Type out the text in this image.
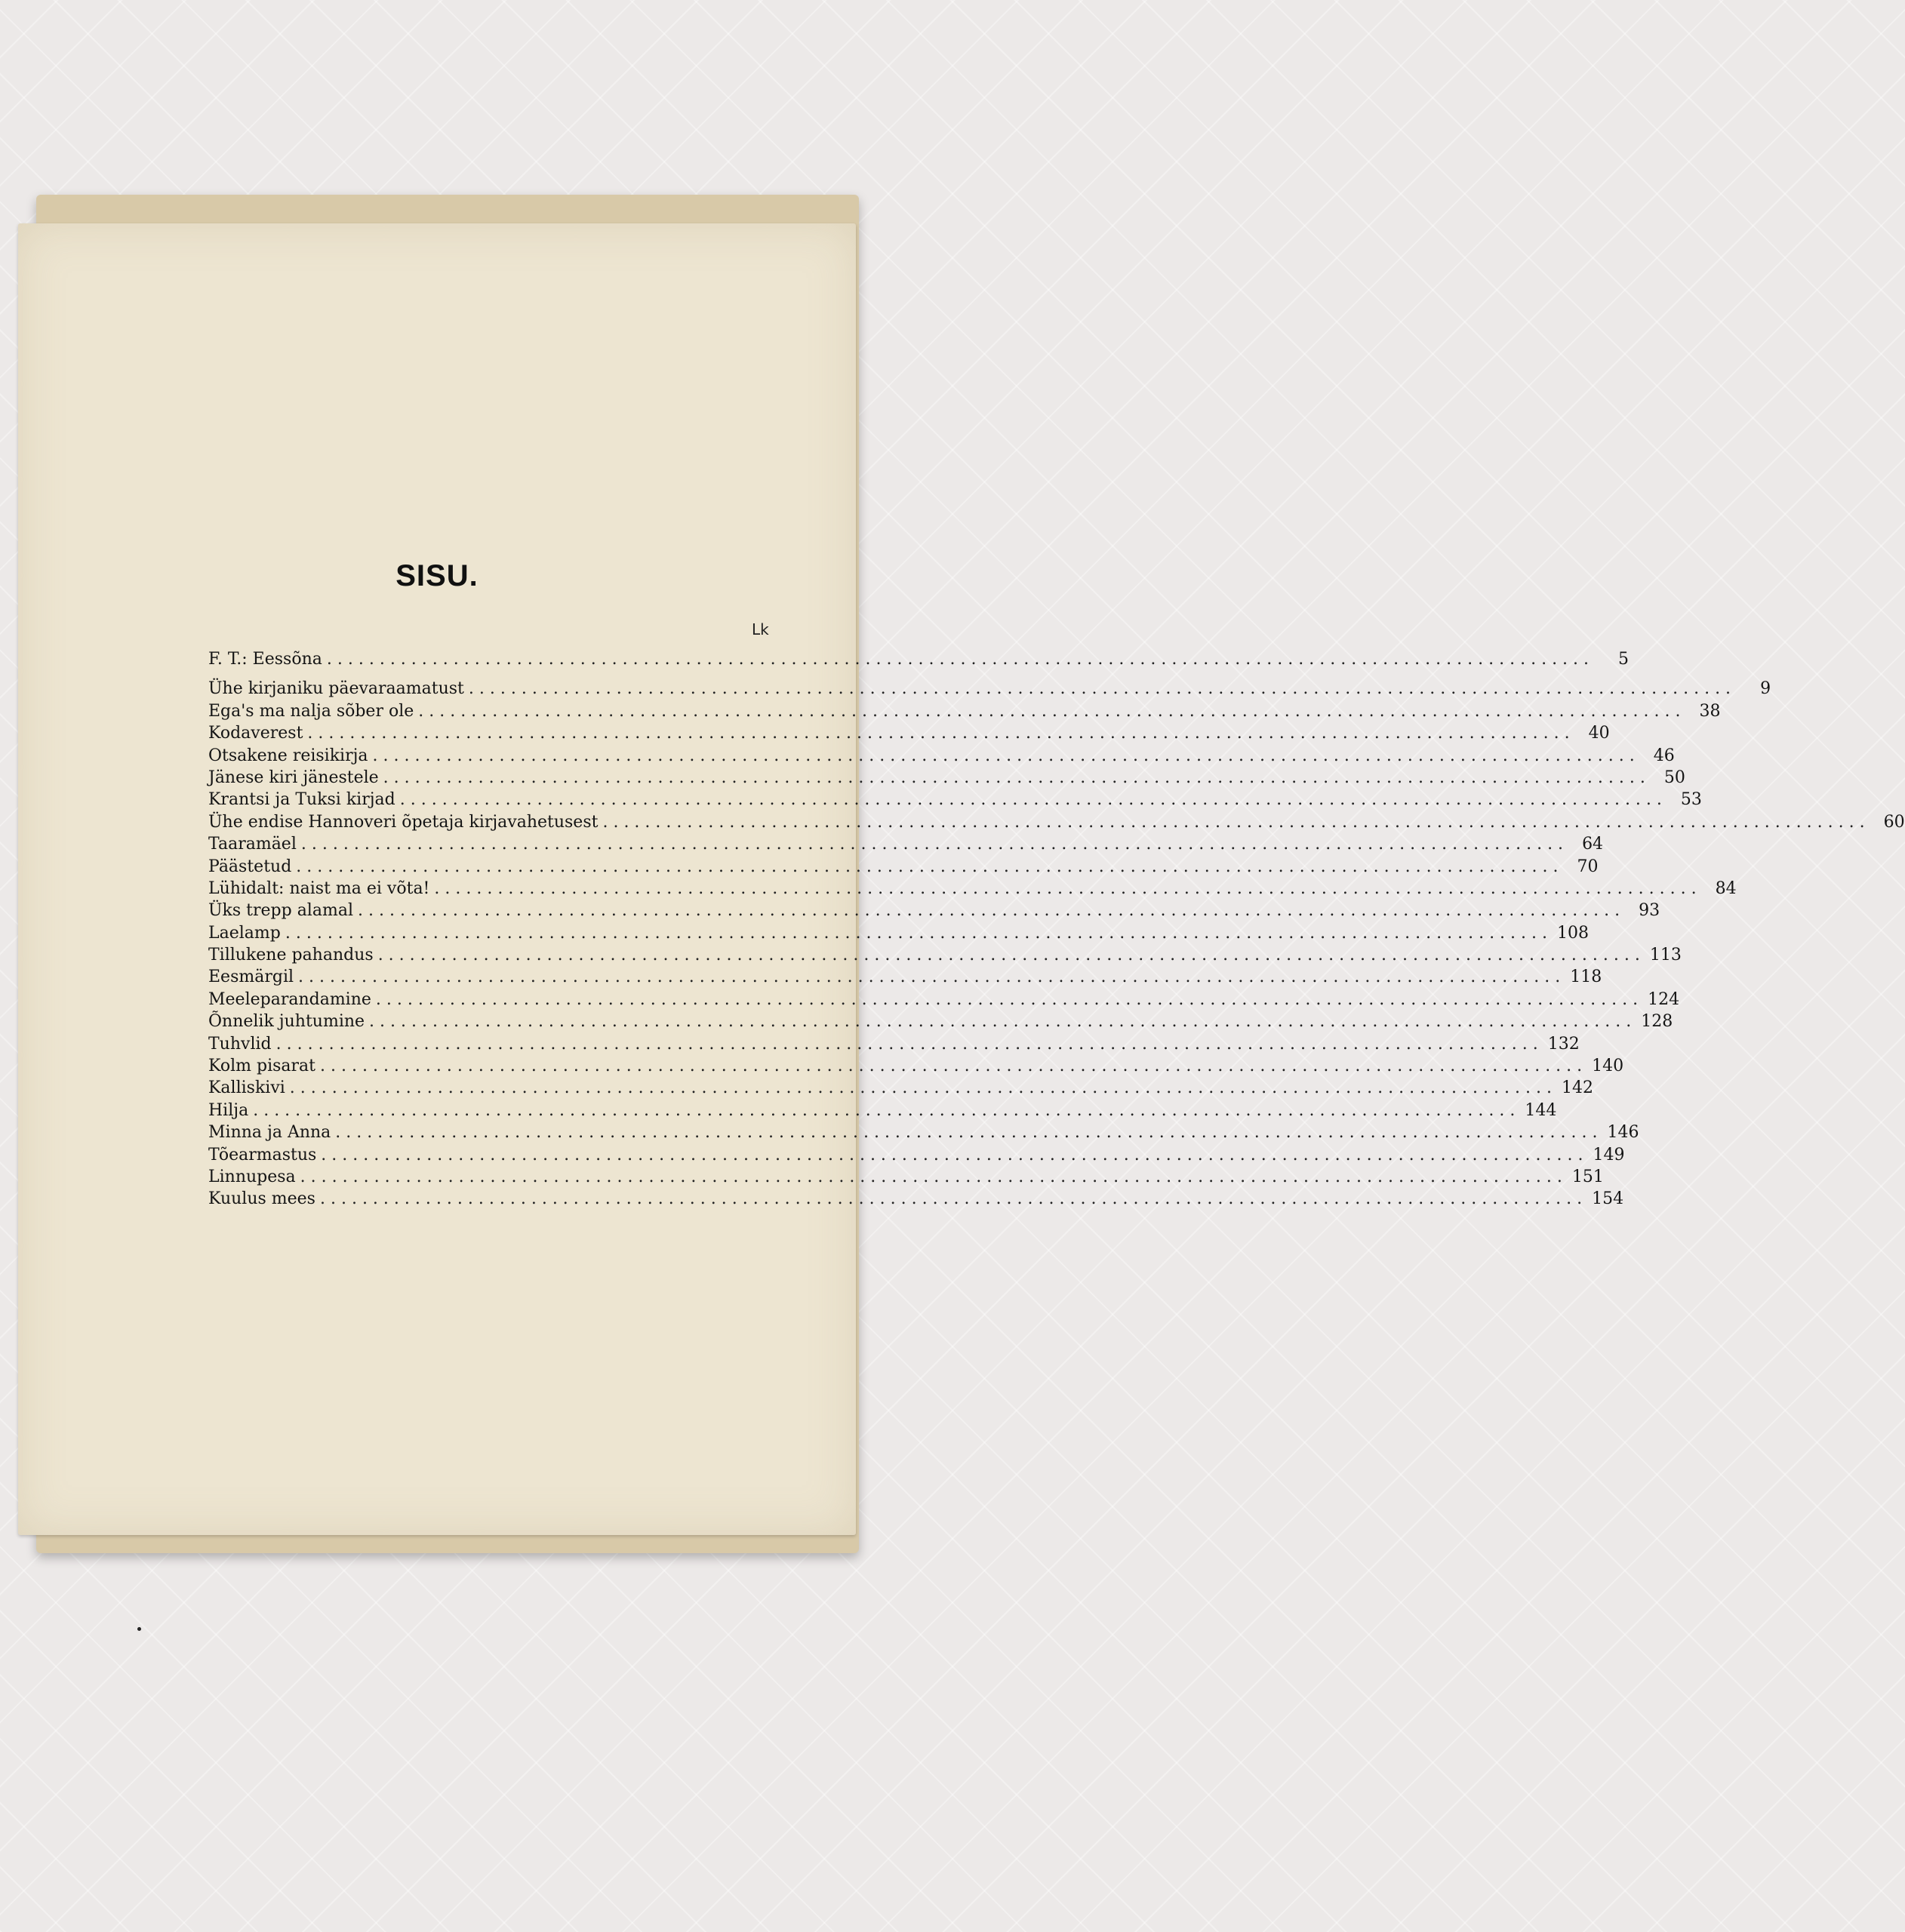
SISU.
Lk
F. T.: Eessõna ........................................................................................................................	5
Ühe kirjaniku päevaraamatust ........................................................................................................................	9
Ega's ma nalja sõber ole ........................................................................................................................ 38
Kodaverest ........................................................................................................................ 40
Otsakene reisikirja ........................................................................................................................ 46
Jänese kiri jänestele ........................................................................................................................ 50
Krantsi ja Tuksi kirjad ........................................................................................................................ 53
Ühe endise Hannoveri õpetaja kirjavahetusest ........................................................................................................................ 60
Taaramäel ........................................................................................................................ 64
Päästetud ........................................................................................................................ 70
Lühidalt: naist ma ei võta! ........................................................................................................................ 84
Üks trepp alamal ........................................................................................................................ 93
Laelamp ........................................................................................................................ 108
Tillukene pahandus ........................................................................................................................ 113
Eesmärgil ........................................................................................................................ 118
Meeleparandamine ........................................................................................................................ 124
Õnnelik juhtumine ........................................................................................................................ 128
Tuhvlid ........................................................................................................................ 132
Kolm pisarat ........................................................................................................................ 140
Kalliskivi ........................................................................................................................ 142
Hilja ........................................................................................................................ 144
Minna ja Anna ........................................................................................................................ 146
Tõearmastus ........................................................................................................................ 149
Linnupesa ........................................................................................................................ 151
Kuulus mees ........................................................................................................................ 154
